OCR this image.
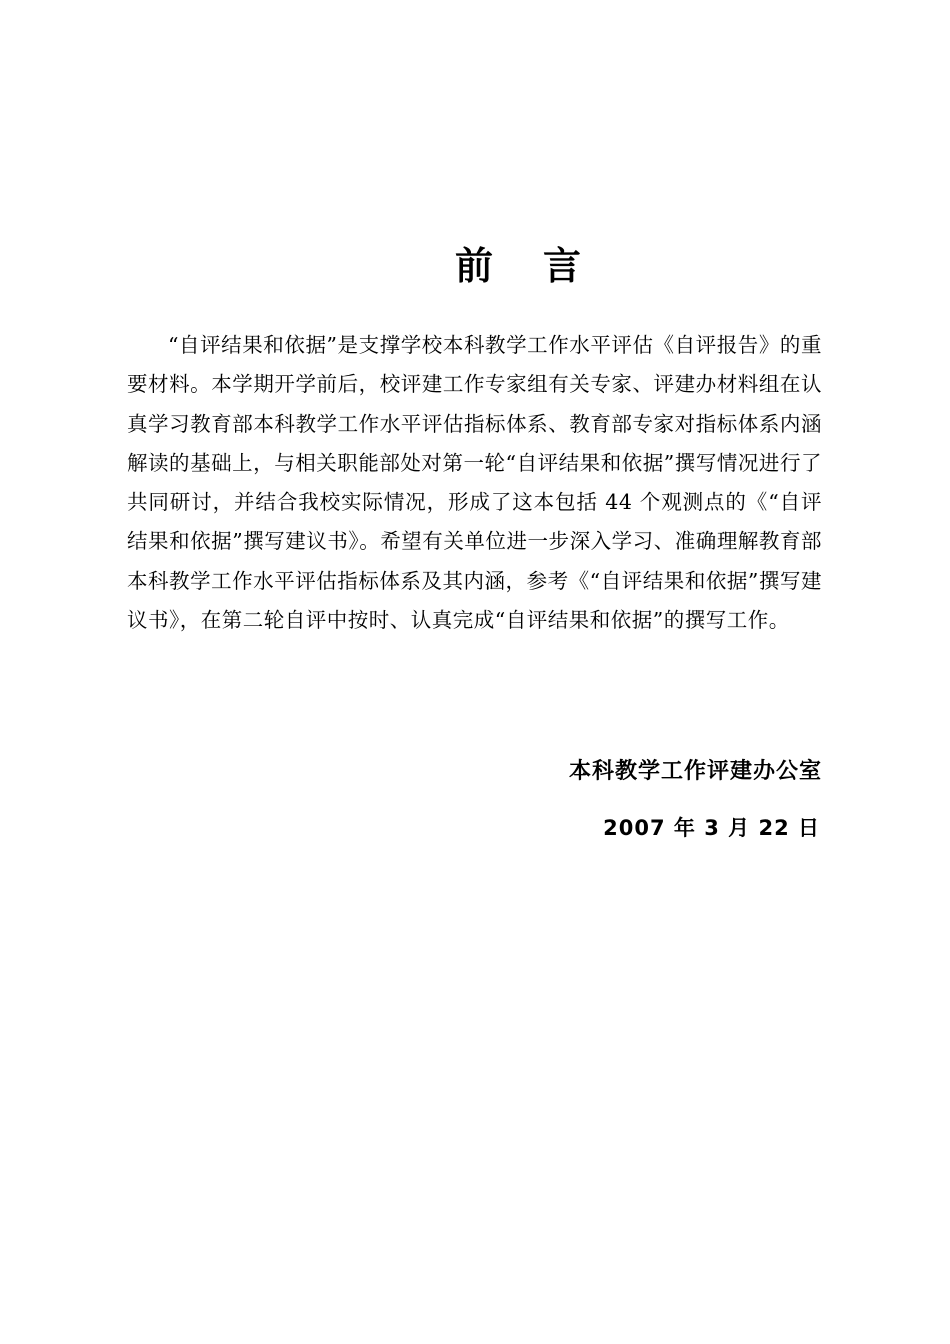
前 言

“自评结果和依据”是支撑学校本科教学工作水平评估《自评报告》的重要材料。本学期开学前后，校评建工作专家组有关专家、评建办材料组在认真学习教育部本科教学工作水平评估指标体系、教育部专家对指标体系内涵解读的基础上，与相关职能部处对第一轮“自评结果和依据”撰写情况进行了共同研讨，并结合我校实际情况，形成了这本包括 44 个观测点的《“自评结果和依据”撰写建议书》。希望有关单位进一步深入学习、准确理解教育部本科教学工作水平评估指标体系及其内涵，参考《“自评结果和依据”撰写建议书》，在第二轮自评中按时、认真完成“自评结果和依据”的撰写工作。

本科教学工作评建办公室
2007 年 3 月 22 日
